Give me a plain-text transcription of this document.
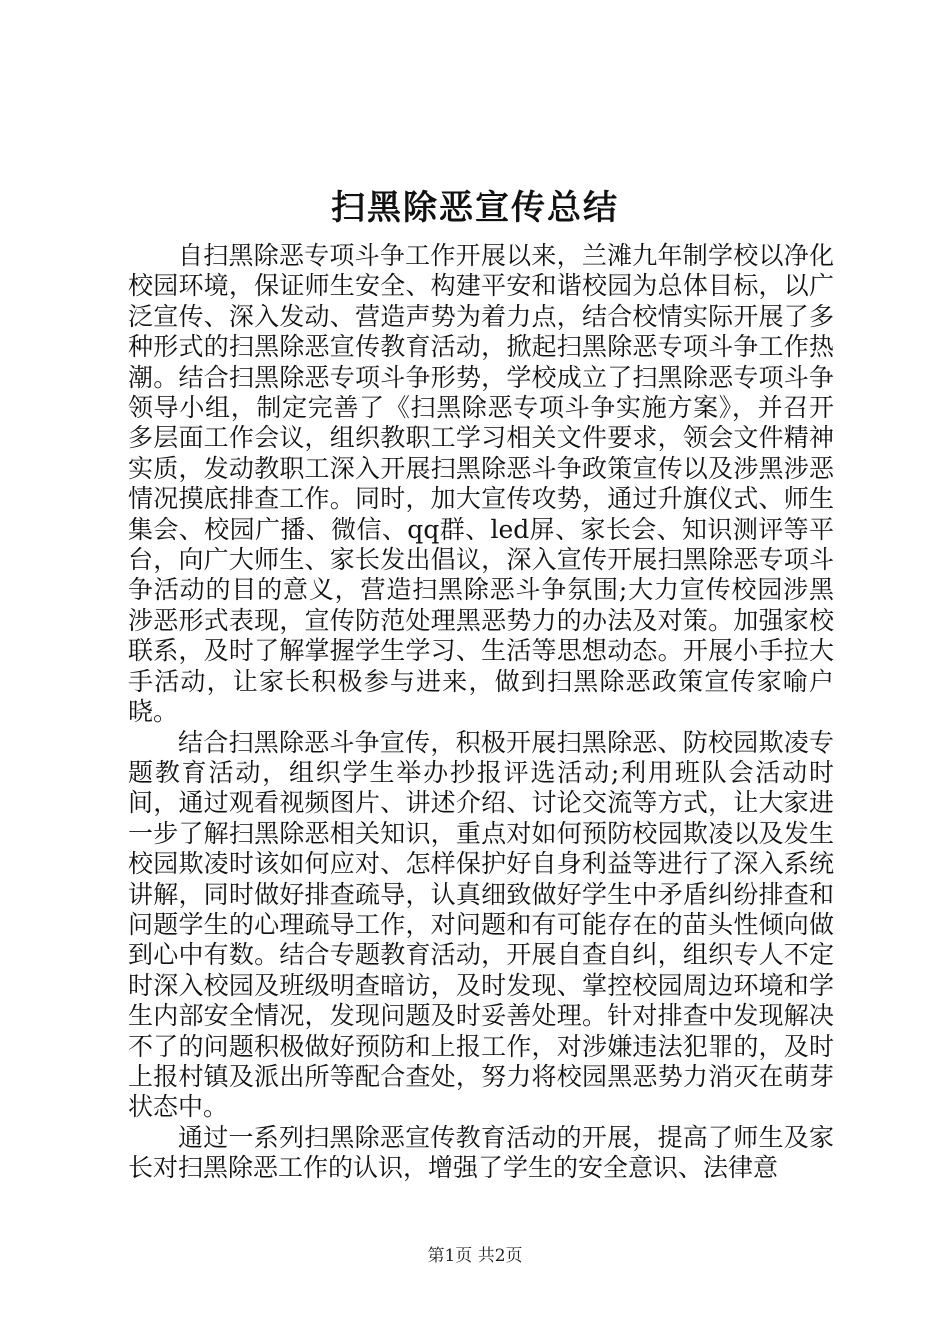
扫黑除恶宣传总结

自扫黑除恶专项斗争工作开展以来，兰滩九年制学校以净化校园环境，保证师生安全、构建平安和谐校园为总体目标，以广泛宣传、深入发动、营造声势为着力点，结合校情实际开展了多种形式的扫黑除恶宣传教育活动，掀起扫黑除恶专项斗争工作热潮。结合扫黑除恶专项斗争形势，学校成立了扫黑除恶专项斗争领导小组，制定完善了《扫黑除恶专项斗争实施方案》，并召开多层面工作会议，组织教职工学习相关文件要求，领会文件精神实质，发动教职工深入开展扫黑除恶斗争政策宣传以及涉黑涉恶情况摸底排查工作。同时，加大宣传攻势，通过升旗仪式、师生集会、校园广播、微信、qq群、led屏、家长会、知识测评等平台，向广大师生、家长发出倡议，深入宣传开展扫黑除恶专项斗争活动的目的意义，营造扫黑除恶斗争氛围;大力宣传校园涉黑涉恶形式表现，宣传防范处理黑恶势力的办法及对策。加强家校联系，及时了解掌握学生学习、生活等思想动态。开展小手拉大手活动，让家长积极参与进来，做到扫黑除恶政策宣传家喻户晓。

结合扫黑除恶斗争宣传，积极开展扫黑除恶、防校园欺凌专题教育活动，组织学生举办抄报评选活动;利用班队会活动时间，通过观看视频图片、讲述介绍、讨论交流等方式，让大家进一步了解扫黑除恶相关知识，重点对如何预防校园欺凌以及发生校园欺凌时该如何应对、怎样保护好自身利益等进行了深入系统讲解，同时做好排查疏导，认真细致做好学生中矛盾纠纷排查和问题学生的心理疏导工作，对问题和有可能存在的苗头性倾向做到心中有数。结合专题教育活动，开展自查自纠，组织专人不定时深入校园及班级明查暗访，及时发现、掌控校园周边环境和学生内部安全情况，发现问题及时妥善处理。针对排查中发现解决不了的问题积极做好预防和上报工作，对涉嫌违法犯罪的，及时上报村镇及派出所等配合查处，努力将校园黑恶势力消灭在萌芽状态中。

通过一系列扫黑除恶宣传教育活动的开展，提高了师生及家长对扫黑除恶工作的认识，增强了学生的安全意识、法律意

第1页 共2页
